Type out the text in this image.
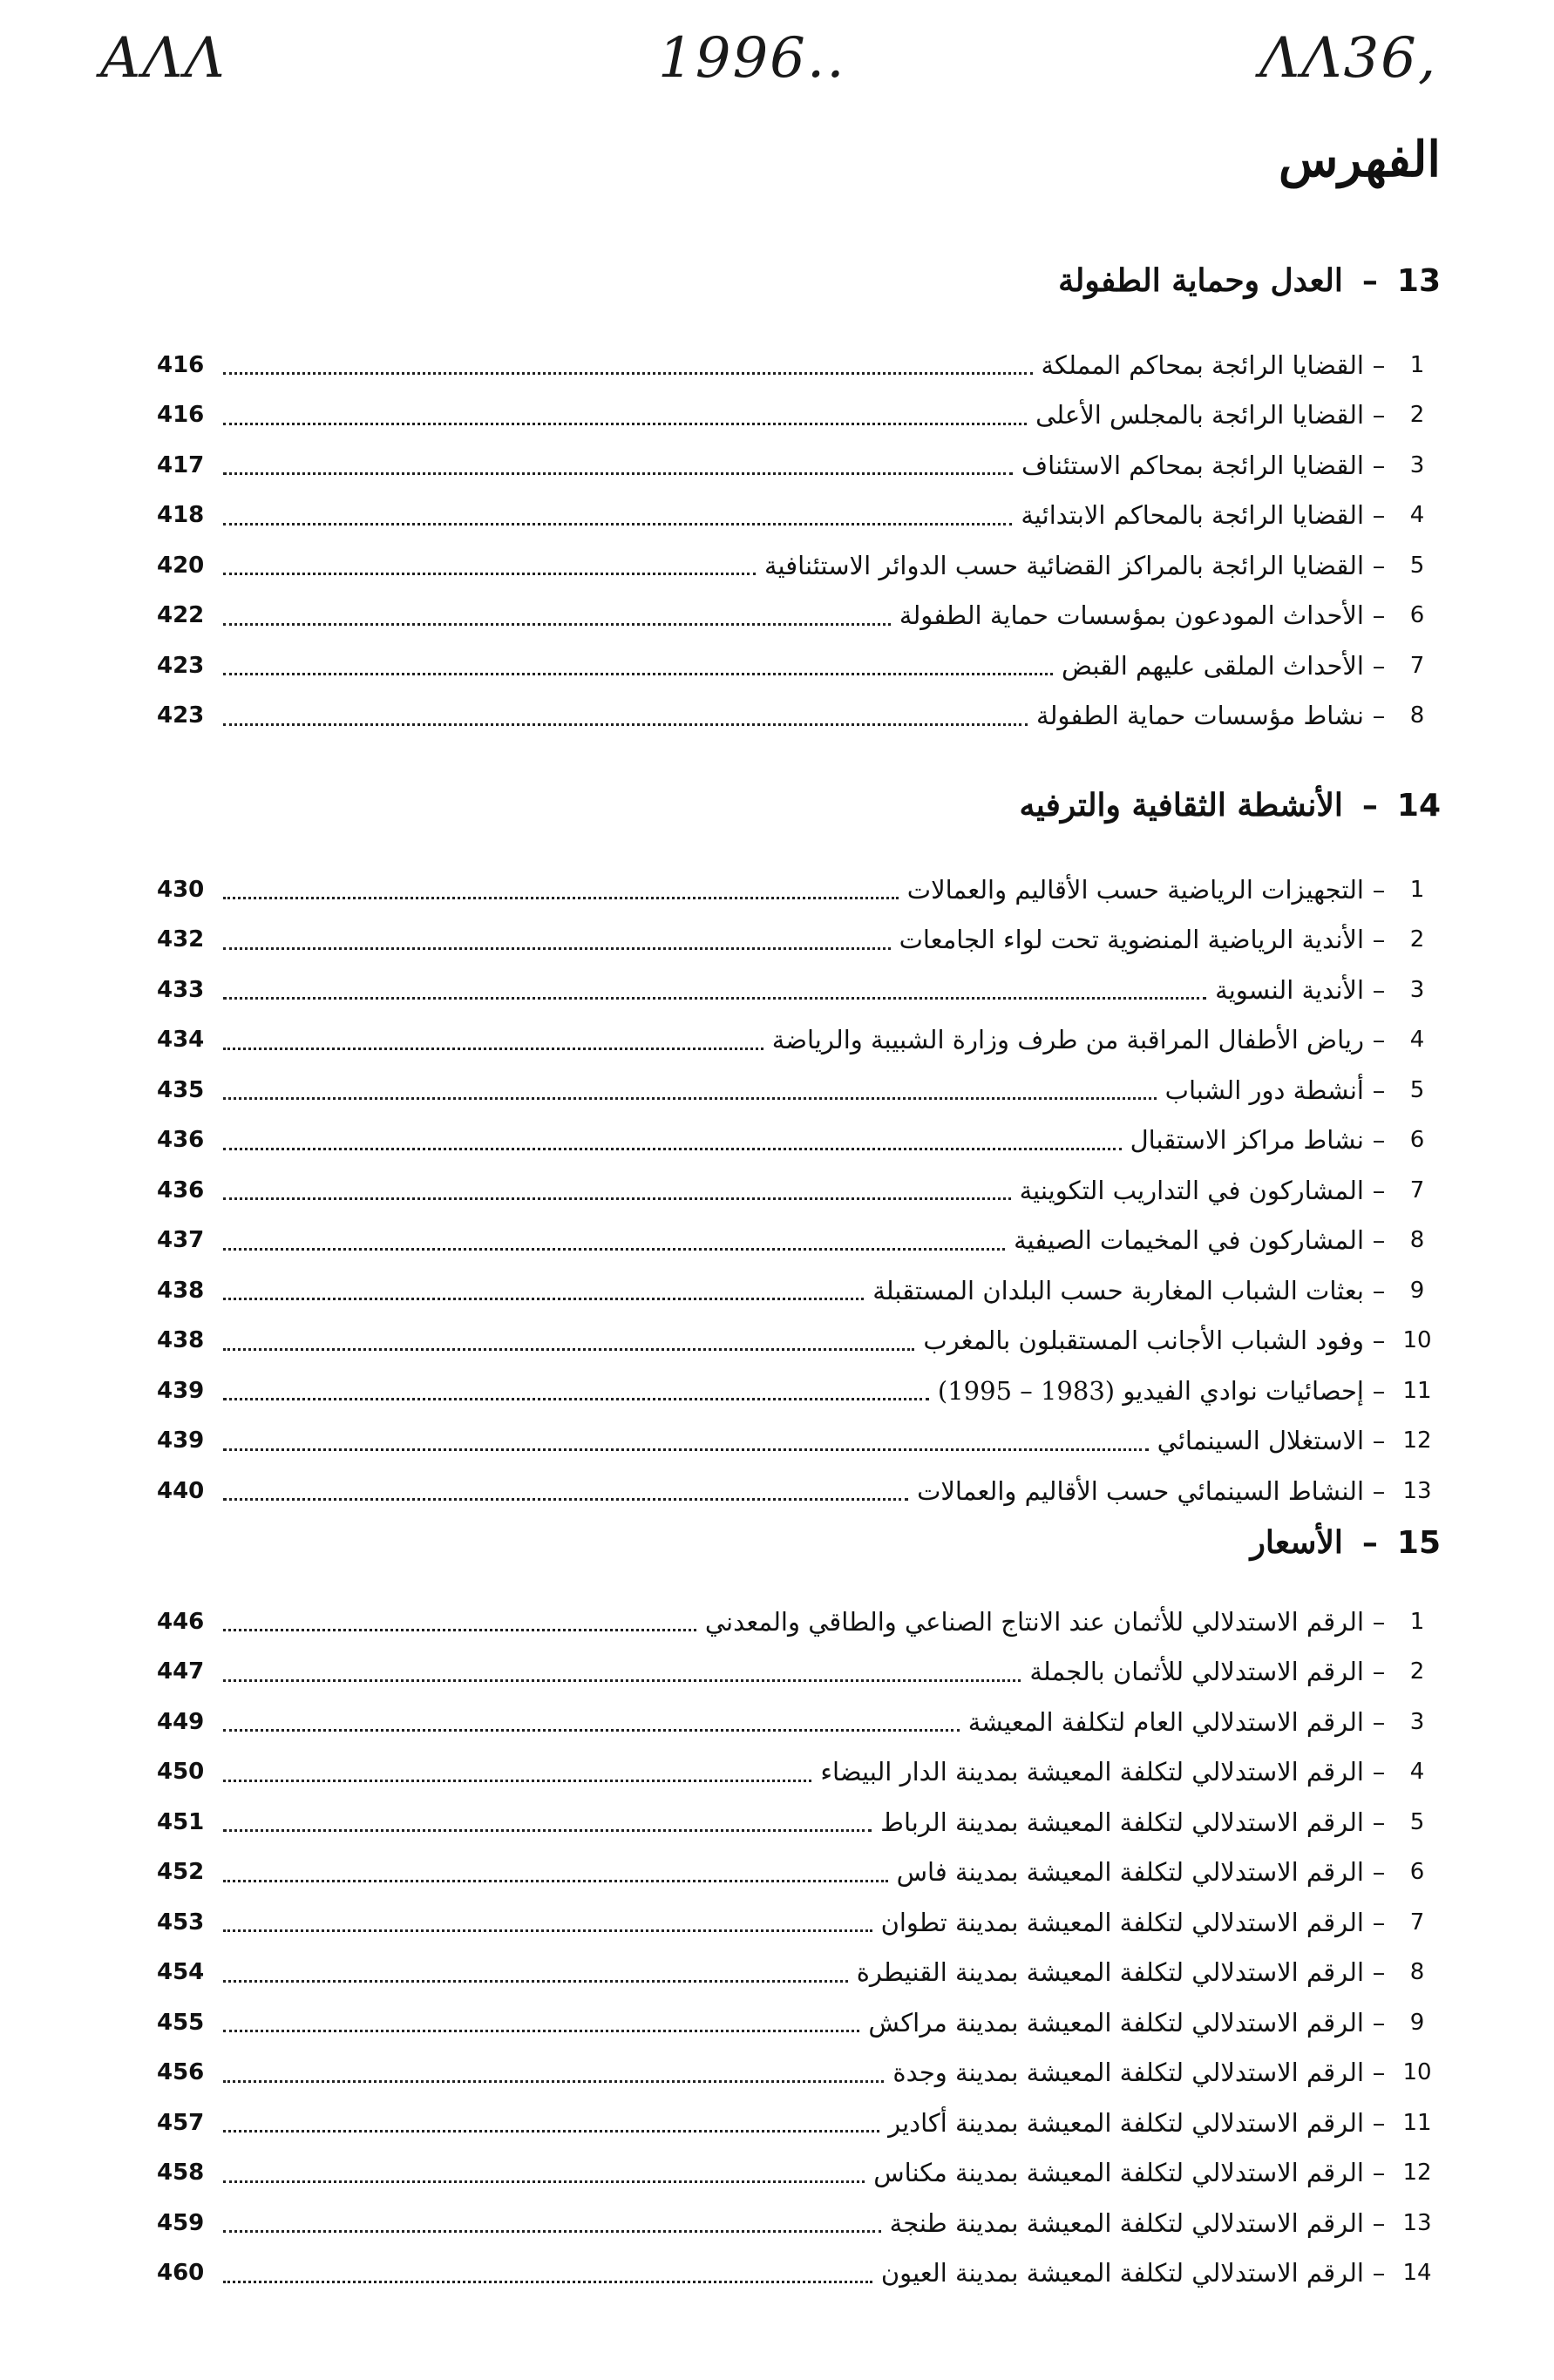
ΑΛΛ	1996..	ΛΛ36,
الفهرس
13–العدل وحماية الطفولة
1
–
القضايا الرائجة بمحاكم المملكة
416
2
–
القضايا الرائجة بالمجلس الأعلى
416
3
–
القضايا الرائجة بمحاكم الاستئناف
417
4
–
القضايا الرائجة بالمحاكم الابتدائية
418
5
–
القضايا الرائجة بالمراكز القضائية حسب الدوائر الاستئنافية
420
6
–
الأحداث المودعون بمؤسسات حماية الطفولة
422
7
–
الأحداث الملقى عليهم القبض
423
8
–
نشاط مؤسسات حماية الطفولة
423
14–الأنشطة الثقافية والترفيه
1
–
التجهيزات الرياضية حسب الأقاليم والعمالات
430
2
–
الأندية الرياضية المنضوية تحت لواء الجامعات
432
3
–
الأندية النسوية
433
4
–
رياض الأطفال المراقبة من طرف وزارة الشبيبة والرياضة
434
5
–
أنشطة دور الشباب
435
6
–
نشاط مراكز الاستقبال
436
7
–
المشاركون في التداريب التكوينية
436
8
–
المشاركون في المخيمات الصيفية
437
9
–
بعثات الشباب المغاربة حسب البلدان المستقبلة
438
10
–
وفود الشباب الأجانب المستقبلون بالمغرب
438
11
–
إحصائيات نوادي الفيديو (1983 – 1995)
439
12
–
الاستغلال السينمائي
439
13
–
النشاط السينمائي حسب الأقاليم والعمالات
440
15–الأسعار
1
–
الرقم الاستدلالي للأثمان عند الانتاج الصناعي والطاقي والمعدني
446
2
–
الرقم الاستدلالي للأثمان بالجملة
447
3
–
الرقم الاستدلالي العام لتكلفة المعيشة
449
4
–
الرقم الاستدلالي لتكلفة المعيشة بمدينة الدار البيضاء
450
5
–
الرقم الاستدلالي لتكلفة المعيشة بمدينة الرباط
451
6
–
الرقم الاستدلالي لتكلفة المعيشة بمدينة فاس
452
7
–
الرقم الاستدلالي لتكلفة المعيشة بمدينة تطوان
453
8
–
الرقم الاستدلالي لتكلفة المعيشة بمدينة القنيطرة
454
9
–
الرقم الاستدلالي لتكلفة المعيشة بمدينة مراكش
455
10
–
الرقم الاستدلالي لتكلفة المعيشة بمدينة وجدة
456
11
–
الرقم الاستدلالي لتكلفة المعيشة بمدينة أكادير
457
12
–
الرقم الاستدلالي لتكلفة المعيشة بمدينة مكناس
458
13
–
الرقم الاستدلالي لتكلفة المعيشة بمدينة طنجة
459
14
–
الرقم الاستدلالي لتكلفة المعيشة بمدينة العيون
460
